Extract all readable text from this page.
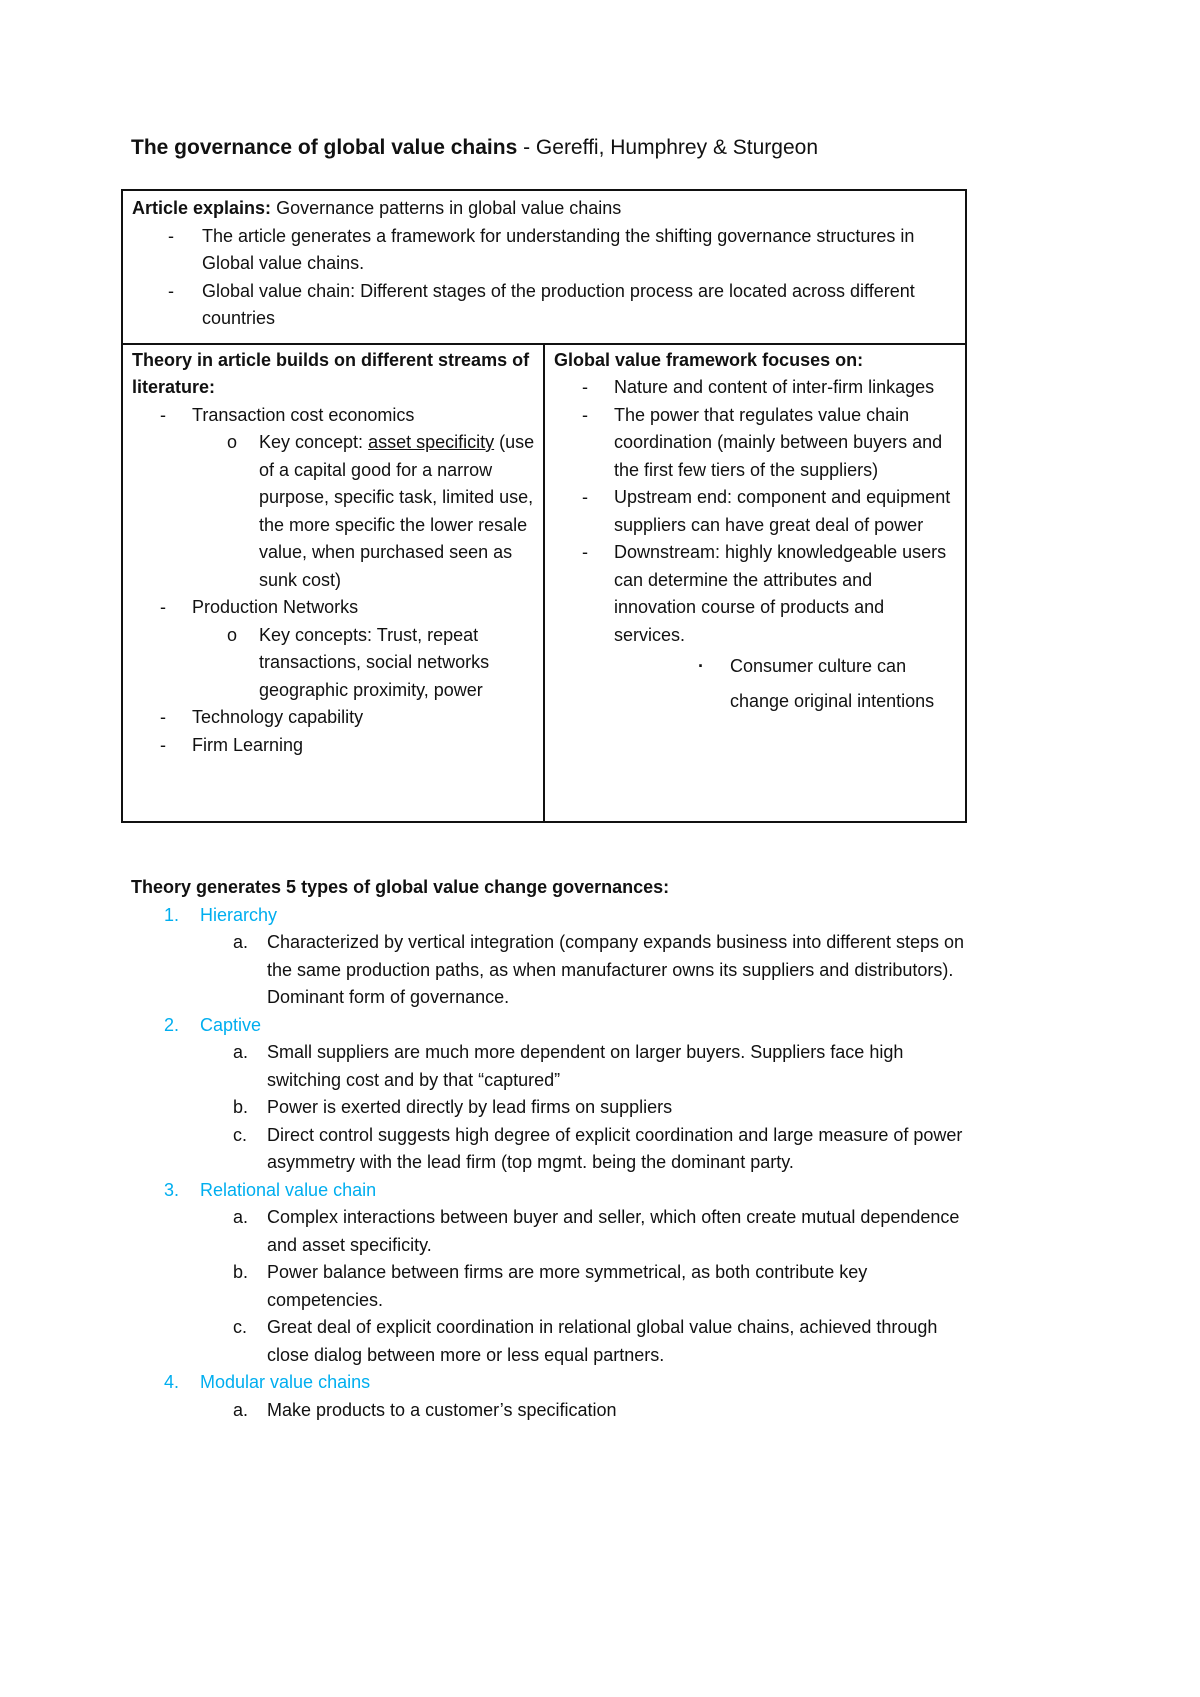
The governance of global value chains - Gereffi, Humphrey & Sturgeon
Article explains: Governance patterns in global value chains
- The article generates a framework for understanding the shifting governance structures in Global value chains.
- Global value chain: Different stages of the production process are located across different countries
Theory in article builds on different streams of literature:
- Transaction cost economics
o Key concept: asset specificity (use of a capital good for a narrow purpose, specific task, limited use, the more specific the lower resale value, when purchased seen as sunk cost)
- Production Networks
o Key concepts: Trust, repeat transactions, social networks geographic proximity, power
- Technology capability
- Firm Learning
Global value framework focuses on:
- Nature and content of inter-firm linkages
- The power that regulates value chain coordination (mainly between buyers and the first few tiers of the suppliers)
- Upstream end: component and equipment suppliers can have great deal of power
- Downstream: highly knowledgeable users can determine the attributes and innovation course of products and services.
· Consumer culture can change original intentions
Theory generates 5 types of global value change governances:
1. Hierarchy
a. Characterized by vertical integration (company expands business into different steps on the same production paths, as when manufacturer owns its suppliers and distributors). Dominant form of governance.
2. Captive
a. Small suppliers are much more dependent on larger buyers. Suppliers face high switching cost and by that “captured”
b. Power is exerted directly by lead firms on suppliers
c. Direct control suggests high degree of explicit coordination and large measure of power asymmetry with the lead firm (top mgmt. being the dominant party.
3. Relational value chain
a. Complex interactions between buyer and seller, which often create mutual dependence and asset specificity.
b. Power balance between firms are more symmetrical, as both contribute key competencies.
c. Great deal of explicit coordination in relational global value chains, achieved through close dialog between more or less equal partners.
4. Modular value chains
a. Make products to a customer’s specification
